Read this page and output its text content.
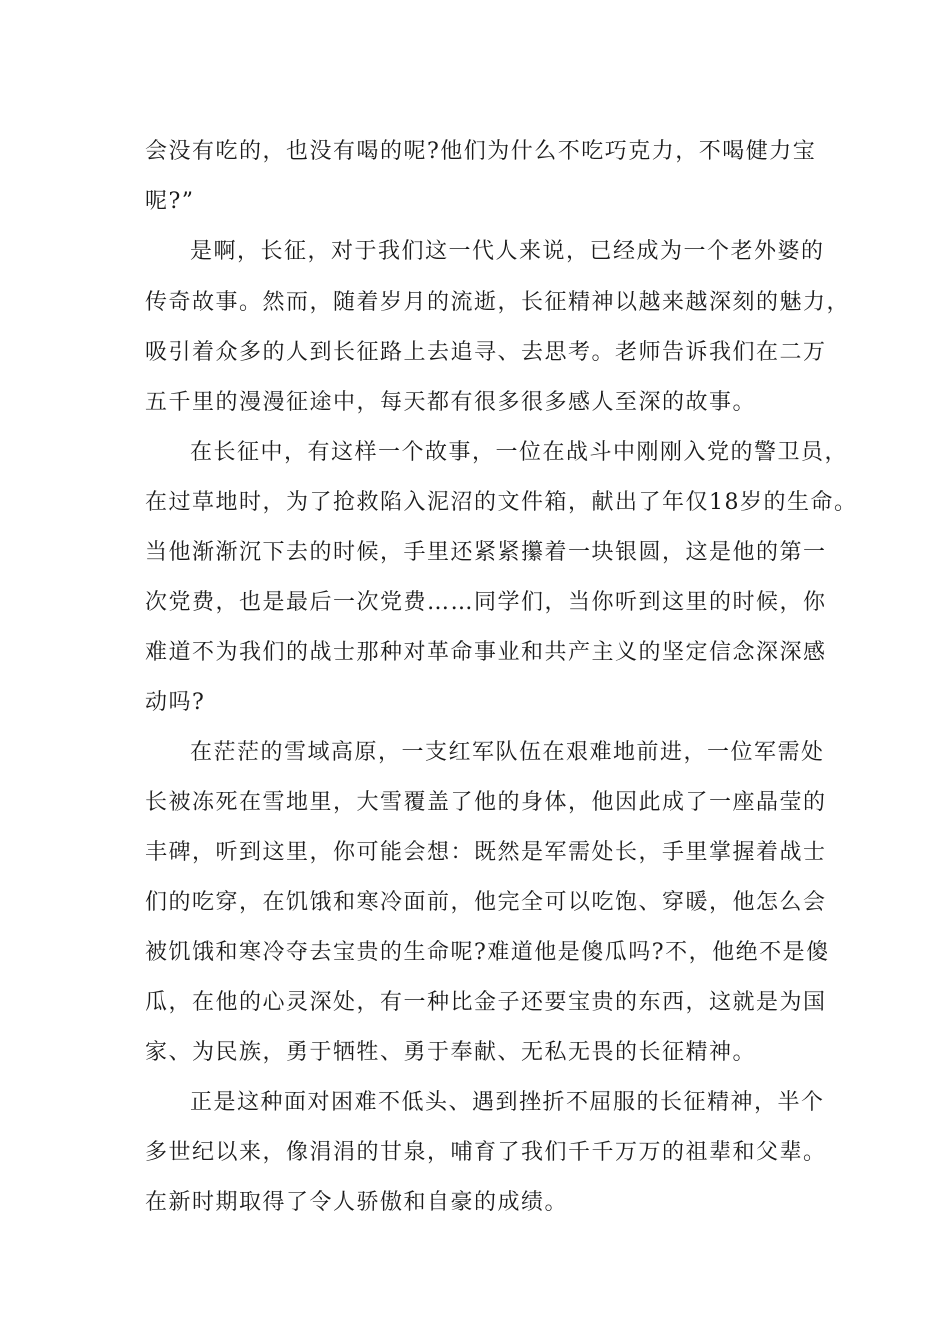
会没有吃的，也没有喝的呢?他们为什么不吃巧克力，不喝健力宝
呢?”
是啊，长征，对于我们这一代人来说，已经成为一个老外婆的
传奇故事。然而，随着岁月的流逝，长征精神以越来越深刻的魅力，
吸引着众多的人到长征路上去追寻、去思考。老师告诉我们在二万
五千里的漫漫征途中，每天都有很多很多感人至深的故事。
在长征中，有这样一个故事，一位在战斗中刚刚入党的警卫员，
在过草地时，为了抢救陷入泥沼的文件箱，献出了年仅18岁的生命。
当他渐渐沉下去的时候，手里还紧紧攥着一块银圆，这是他的第一
次党费，也是最后一次党费……同学们，当你听到这里的时候，你
难道不为我们的战士那种对革命事业和共产主义的坚定信念深深感
动吗?
在茫茫的雪域高原，一支红军队伍在艰难地前进，一位军需处
长被冻死在雪地里，大雪覆盖了他的身体，他因此成了一座晶莹的
丰碑，听到这里，你可能会想：既然是军需处长，手里掌握着战士
们的吃穿，在饥饿和寒冷面前，他完全可以吃饱、穿暖，他怎么会
被饥饿和寒冷夺去宝贵的生命呢?难道他是傻瓜吗?不，他绝不是傻
瓜，在他的心灵深处，有一种比金子还要宝贵的东西，这就是为国
家、为民族，勇于牺牲、勇于奉献、无私无畏的长征精神。
正是这种面对困难不低头、遇到挫折不屈服的长征精神，半个
多世纪以来，像涓涓的甘泉，哺育了我们千千万万的祖辈和父辈。
在新时期取得了令人骄傲和自豪的成绩。
